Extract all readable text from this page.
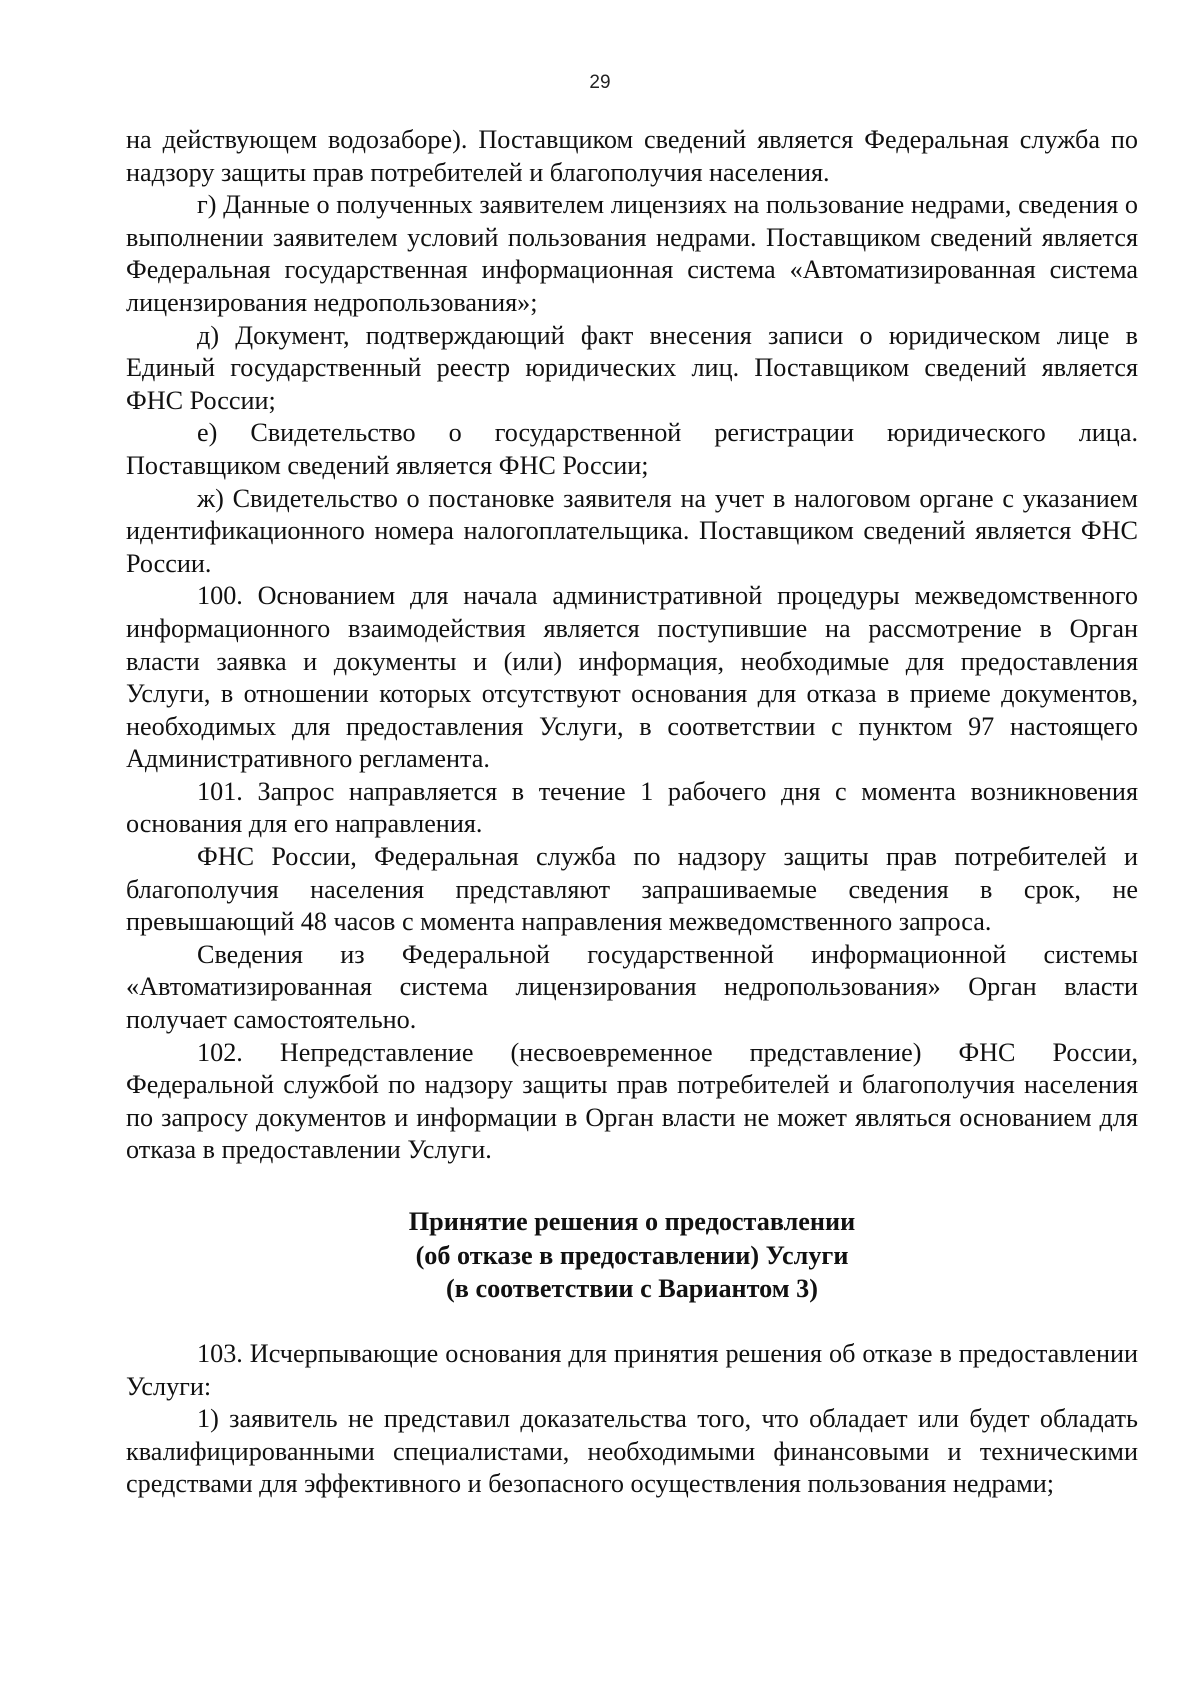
29

на действующем водозаборе). Поставщиком сведений является Федеральная служба по надзору защиты прав потребителей и благополучия населения.

г) Данные о полученных заявителем лицензиях на пользование недрами, сведения о выполнении заявителем условий пользования недрами. Поставщиком сведений является Федеральная государственная информационная система «Автоматизированная система лицензирования недропользования»;

д) Документ, подтверждающий факт внесения записи о юридическом лице в Единый государственный реестр юридических лиц. Поставщиком сведений является ФНС России;

е) Свидетельство о государственной регистрации юридического лица. Поставщиком сведений является ФНС России;

ж) Свидетельство о постановке заявителя на учет в налоговом органе с указанием идентификационного номера налогоплательщика. Поставщиком сведений является ФНС России.

100. Основанием для начала административной процедуры межведомственного информационного взаимодействия является поступившие на рассмотрение в Орган власти заявка и документы и (или) информация, необходимые для предоставления Услуги, в отношении которых отсутствуют основания для отказа в приеме документов, необходимых для предоставления Услуги, в соответствии с пунктом 97 настоящего Административного регламента.

101. Запрос направляется в течение 1 рабочего дня с момента возникновения основания для его направления.

ФНС России, Федеральная служба по надзору защиты прав потребителей и благополучия населения представляют запрашиваемые сведения в срок, не превышающий 48 часов с момента направления межведомственного запроса.

Сведения из Федеральной государственной информационной системы «Автоматизированная система лицензирования недропользования» Орган власти получает самостоятельно.

102. Непредставление (несвоевременное представление) ФНС России, Федеральной службой по надзору защиты прав потребителей и благополучия населения по запросу документов и информации в Орган власти не может являться основанием для отказа в предоставлении Услуги.

Принятие решения о предоставлении
(об отказе в предоставлении) Услуги
(в соответствии с Вариантом 3)

103. Исчерпывающие основания для принятия решения об отказе в предоставлении Услуги:

1) заявитель не представил доказательства того, что обладает или будет обладать квалифицированными специалистами, необходимыми финансовыми и техническими средствами для эффективного и безопасного осуществления пользования недрами;
